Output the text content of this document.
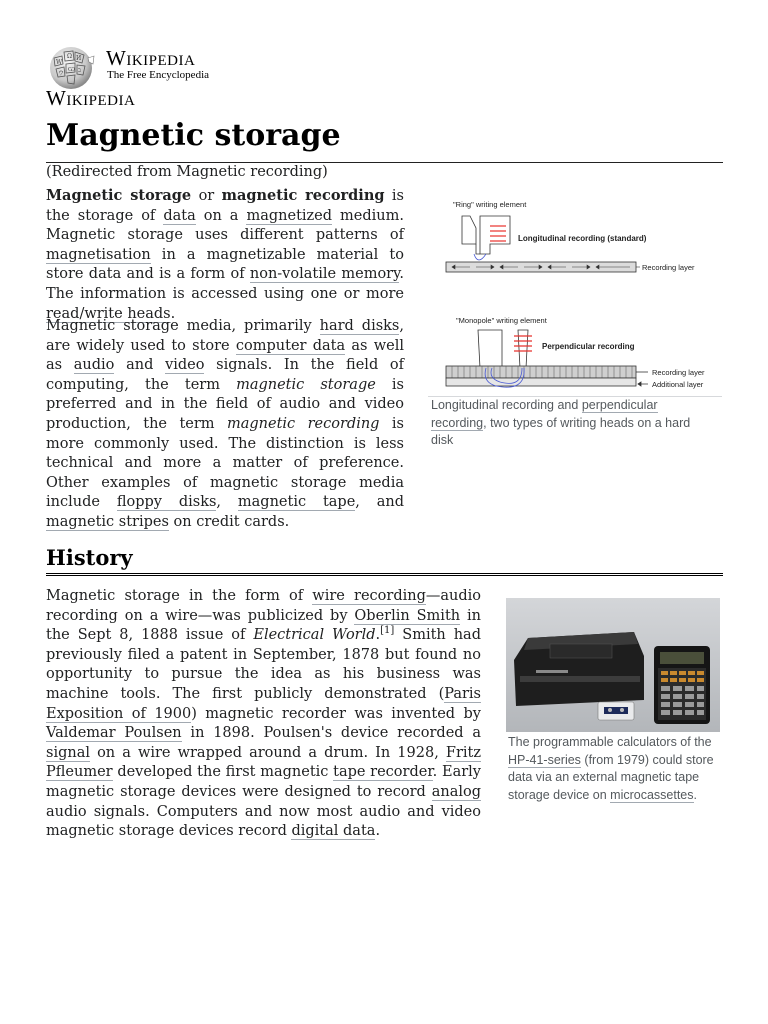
W
Ω И
ウ
Ѡ ב
Wikipedia
The Free Encyclopedia
Wikipedia
Magnetic storage
(Redirected from Magnetic recording)

Magnetic storage or magnetic recording is the storage of data on a magnetized medium. Magnetic storage uses different patterns of magnetisation in a magnetizable material to store data and is a form of non-volatile memory. The information is accessed using one or more read/write heads.

Magnetic storage media, primarily hard disks, are widely used to store computer data as well as audio and video signals. In the field of computing, the term magnetic storage is preferred and in the field of audio and video production, the term magnetic recording is more commonly used. The distinction is less technical and more a matter of preference. Other examples of magnetic storage media include floppy disks, magnetic tape, and magnetic stripes on credit cards.

"Ring" writing element
Longitudinal recording (standard)
Recording layer
"Monopole" writing element
Perpendicular recording
Recording layer
Additional layer

Longitudinal recording and perpendicular recording, two types of writing heads on a hard disk

History

Magnetic storage in the form of wire recording—audio recording on a wire—was publicized by Oberlin Smith in the Sept 8, 1888 issue of Electrical World.[1] Smith had previously filed a patent in September, 1878 but found no opportunity to pursue the idea as his business was machine tools. The first publicly demonstrated (Paris Exposition of 1900) magnetic recorder was invented by Valdemar Poulsen in 1898. Poulsen's device recorded a signal on a wire wrapped around a drum. In 1928, Fritz Pfleumer developed the first magnetic tape recorder. Early magnetic storage devices were designed to record analog audio signals. Computers and now most audio and video magnetic storage devices record digital data.

The programmable calculators of the HP-41-series (from 1979) could store data via an external magnetic tape storage device on microcassettes.
